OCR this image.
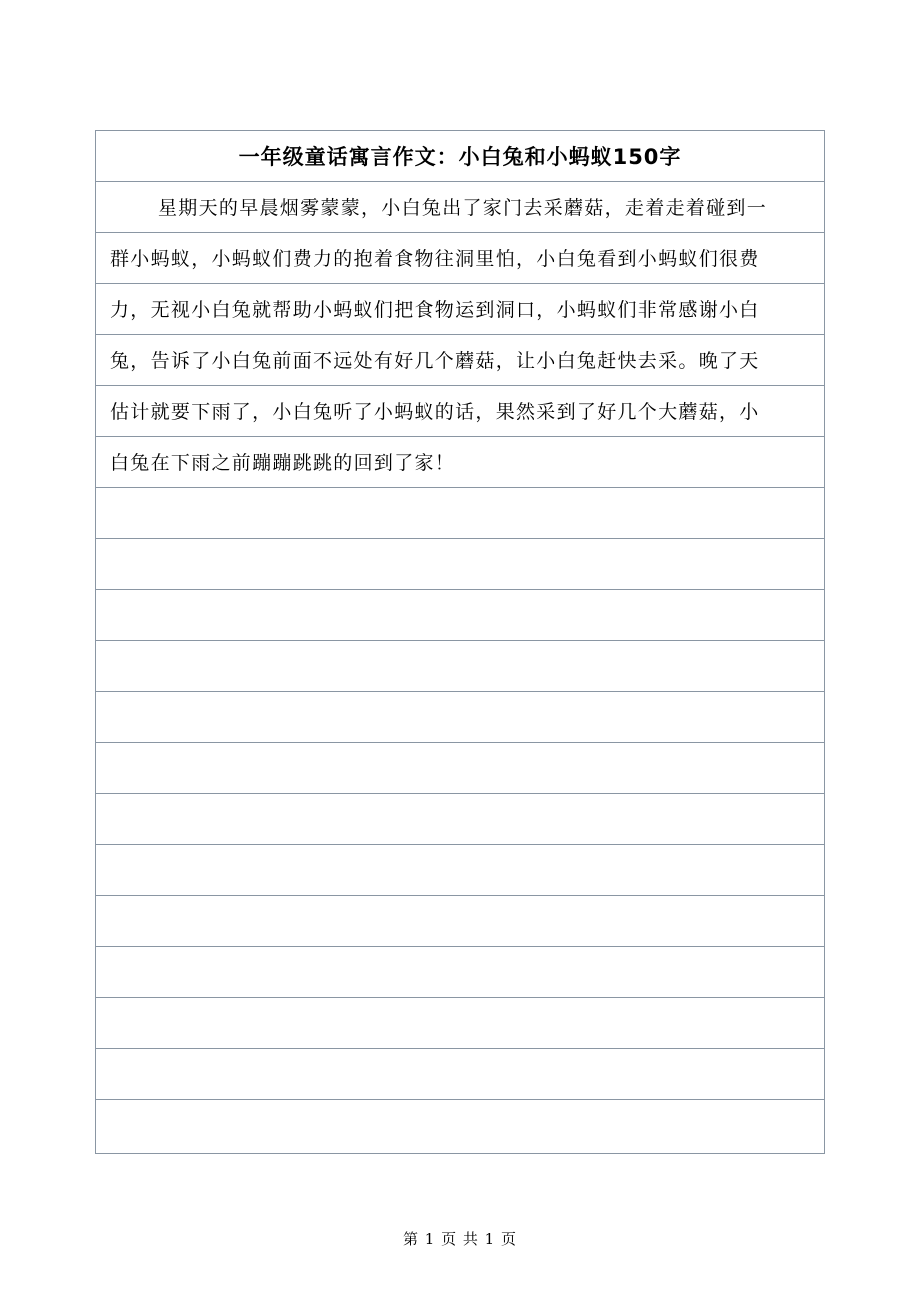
一年级童话寓言作文：小白兔和小蚂蚁150字
星期天的早晨烟雾蒙蒙，小白兔出了家门去采蘑菇，走着走着碰到一
群小蚂蚁，小蚂蚁们费力的抱着食物往洞里怕，小白兔看到小蚂蚁们很费
力，无视小白兔就帮助小蚂蚁们把食物运到洞口，小蚂蚁们非常感谢小白
兔，告诉了小白兔前面不远处有好几个蘑菇，让小白兔赶快去采。晚了天
估计就要下雨了，小白兔听了小蚂蚁的话，果然采到了好几个大蘑菇，小
白兔在下雨之前蹦蹦跳跳的回到了家！
第 1 页 共 1 页
